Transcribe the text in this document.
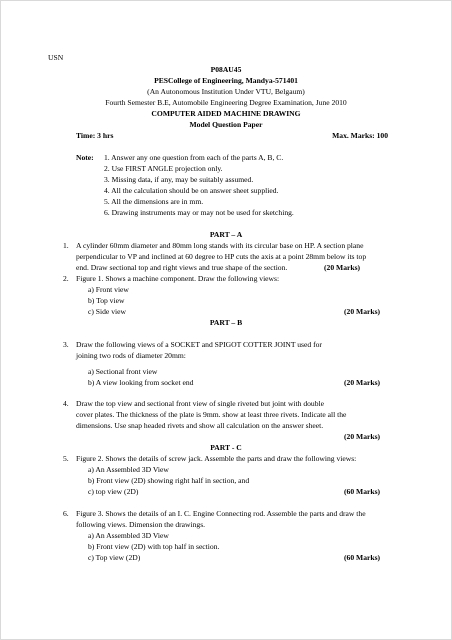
USN
P08AU45
PESCollege of Engineering, Mandya-571401
(An Autonomous Institution Under VTU, Belgaum)
Fourth Semester B.E, Automobile Engineering Degree Examination, June 2010
COMPUTER AIDED MACHINE DRAWING
Model Question Paper
Time: 3 hrs	Max. Marks: 100
Note: 1. Answer any one question from each of the parts A, B, C.
2. Use FIRST ANGLE projection only.
3. Missing data, if any, may be suitably assumed.
4. All the calculation should be on answer sheet supplied.
5. All the dimensions are in mm.
6. Drawing instruments may or may not be used for sketching.
PART – A
1. A cylinder 60mm diameter and 80mm long stands with its circular base on HP. A section plane
perpendicular to VP and inclined at 60 degree to HP cuts the axis at a point 28mm below its top
end. Draw sectional top and right views and true shape of the section.	(20 Marks)
2. Figure 1. Shows a machine component. Draw the following views:
a) Front view
b) Top view
c) Side view	(20 Marks)
PART – B
3. Draw the following views of a SOCKET and SPIGOT COTTER JOINT used for
joining two rods of diameter 20mm:
a) Sectional front view
b) A view looking from socket end	(20 Marks)
4. Draw the top view and sectional front view of single riveted but joint with double
cover plates. The thickness of the plate is 9mm. show at least three rivets. Indicate all the
dimensions. Use snap headed rivets and show all calculation on the answer sheet.
(20 Marks)
PART - C
5. Figure 2. Shows the details of screw jack. Assemble the parts and draw the following views:
a) An Assembled 3D View
b) Front view (2D) showing right half in section, and
c) top view (2D)	(60 Marks)
6. Figure 3. Shows the details of an I. C. Engine Connecting rod. Assemble the parts and draw the
following views. Dimension the drawings.
a) An Assembled 3D View
b) Front view (2D) with top half in section.
c) Top view (2D)	(60 Marks)
